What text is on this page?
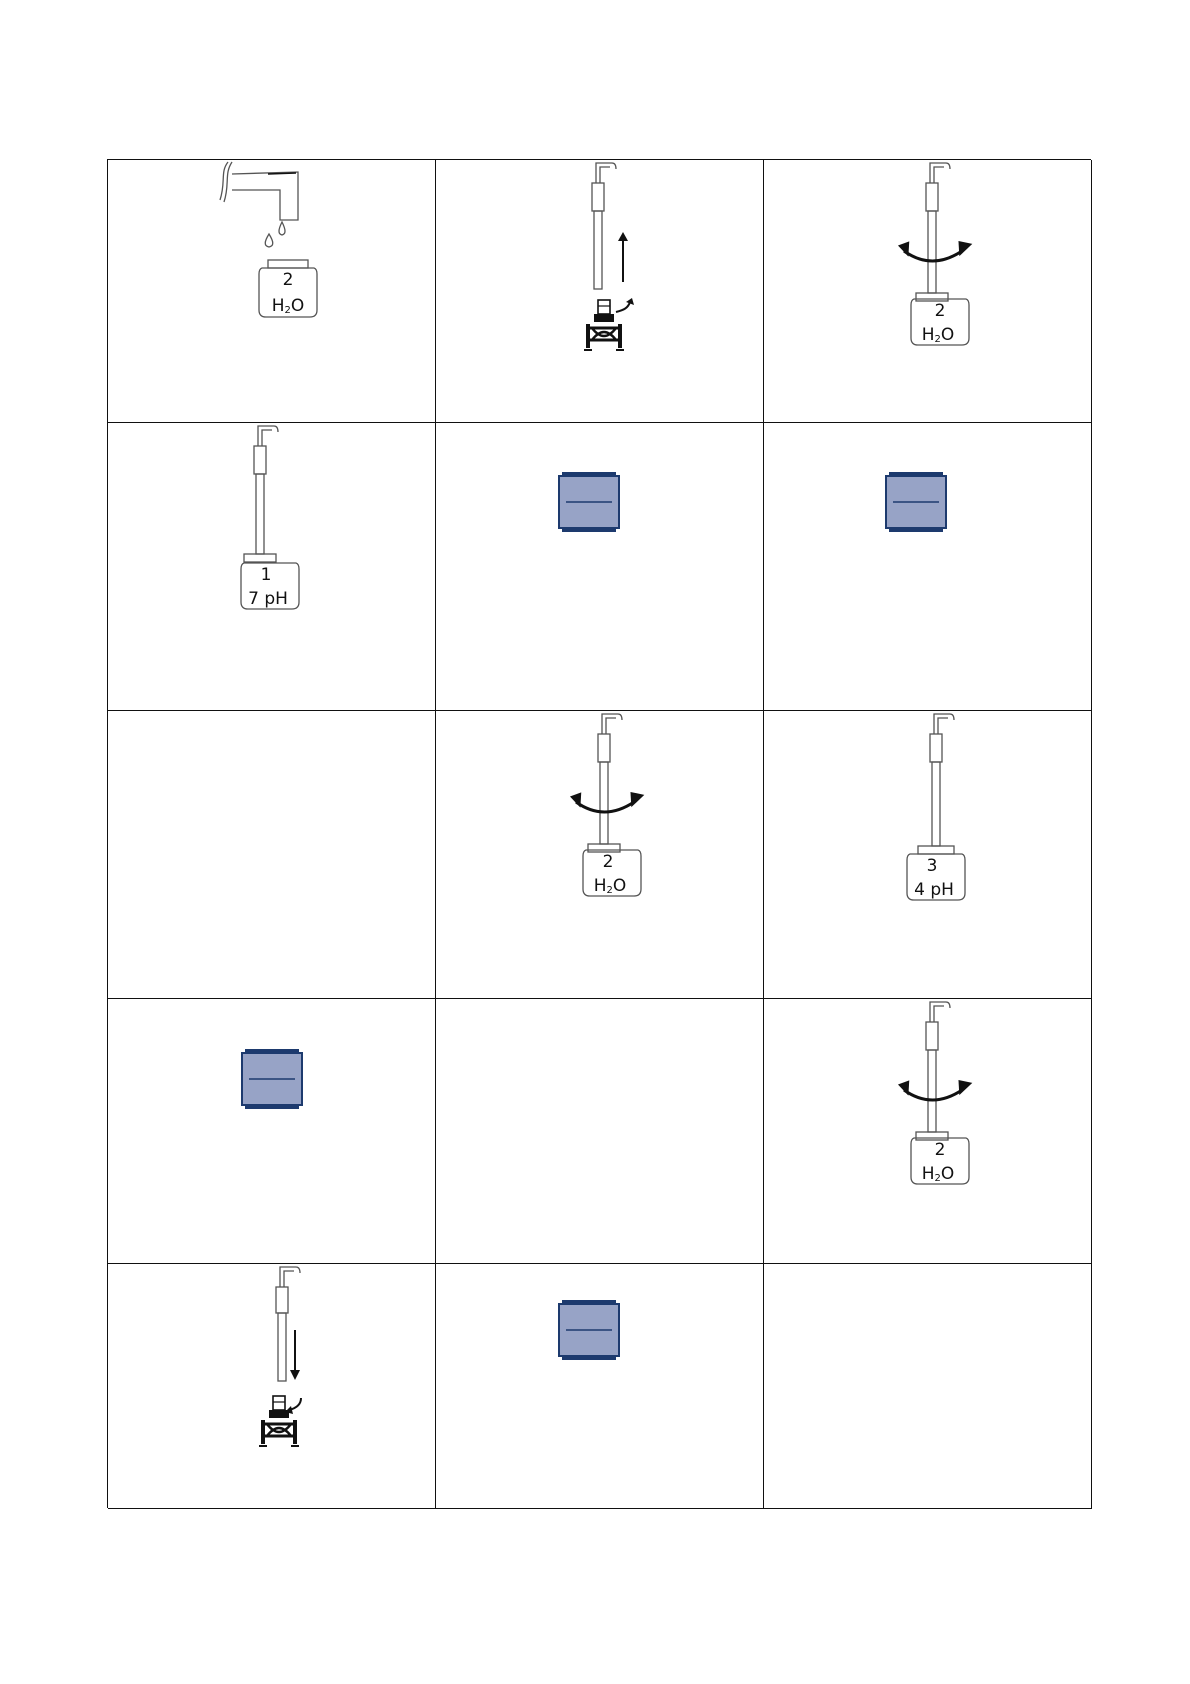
2
H2O	2
H2O
1
7 pH
2
H2O
3
4 pH
2
H2O
